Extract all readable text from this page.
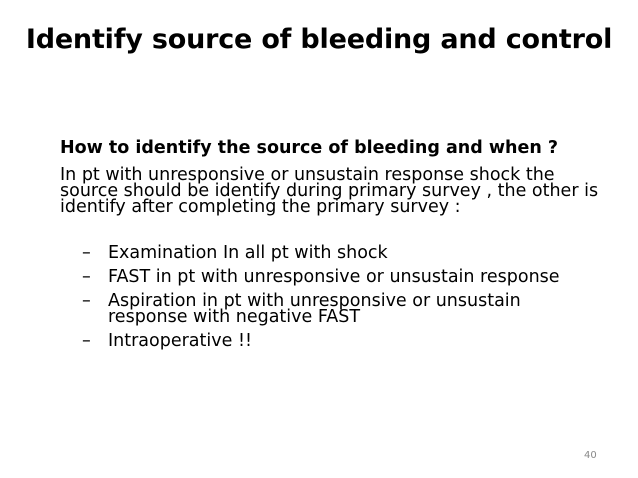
Identify source of bleeding and control
How to identify the source of bleeding and when ?
In pt with unresponsive or unsustain response shock the source should be identify during primary survey , the other is identify after completing the primary survey :
– Examination In all pt with shock
– FAST in pt with unresponsive or unsustain response
– Aspiration in pt with unresponsive or unsustain response with negative FAST
– Intraoperative !!
40
